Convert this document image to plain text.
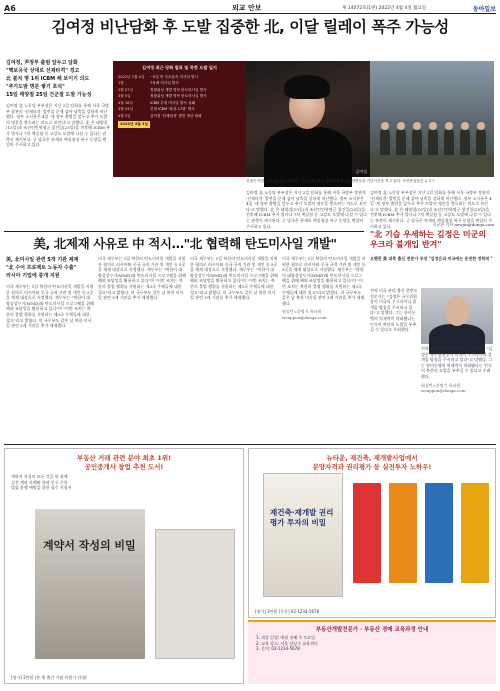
A6	외교 안보	제 14072호(1판) 2022년 4월 4일 월요일	동아일보
김여정 비난담화 후 도발 집중한 北, 이달 릴레이 폭주 가능성
김여정, 尹정부 출범 앞두고 담화
"핵보유국 상대로 선제타격" 경고
北 불치 명 1위 ICBM 해 보이기 의도
"추가도발 명분 쌓기 포석"
15일 태양절 25일 건군절 도발 가능성
김여정 北 노동당 부부장은 지난 2일 담화를 통해 서욱 국방부 장관의 '선제타격' 발언을 문제 삼아 남측을 강하게 비난했다. 정부 소식통은 4일 '새 정부 출범을 앞두고 추가 도발의 명분을 쌓으려는 의도로 보인다'고 말했다. 北 은 태양절(15일)과 조선인민혁명군 창건일(25일)을 전후해 ICBM 추가 발사나 7차 핵실험 등 고강도 도발에 나설 수 있다는 관측이 제기된다. 군 당국은 풍계리 핵실험장 복구 동향을 면밀히 주시하고 있다.
김여정 최근 당화 발표 및 북한 도발 일지
2022년 1월 4일	~5일 북 극초음속 미사일 발사
1월	7차례 미사일 발사
2월 27일	정찰위성 개발 명목 탄도미사일 발사
3월 5일	정찰위성 개발 명목 탄도미사일 발사
3월 16일	ICBM 추정 미사일 발사 실패
3월 24일	신형 ICBM '화성-17형' 발사
4월 2일	김여정 '선제타격' 발언 비난 담화
2022년 4월 3일
김여정
김정은 북한 국무위원장(오른쪽)이 지난 3월 16일 열병식에 참석한 장병들과 기념사진을 찍고 있다. 조선중앙통신 뉴시스
김여정 北 노동당 부부장은 지난 2일 담화를 통해 서욱 국방부 장관의 '선제타격' 발언을 문제 삼아 남측을 강하게 비난했다. 정부 소식통은 4일 '새 정부 출범을 앞두고 추가 도발의 명분을 쌓으려는 의도로 보인다'고 말했다. 北 은 태양절(15일)과 조선인민혁명군 창건일(25일)을 전후해 ICBM 추가 발사나 7차 핵실험 등 고강도 도발에 나설 수 있다는 관측이 제기된다. 군 당국은 풍계리 핵실험장 복구 동향을 면밀히 주시하고 있다.
김여정 北 노동당 부부장은 지난 2일 담화를 통해 서욱 국방부 장관의 '선제타격' 발언을 문제 삼아 남측을 강하게 비난했다. 정부 소식통은 4일 '새 정부 출범을 앞두고 추가 도발의 명분을 쌓으려는 의도로 보인다'고 말했다. 北 은 태양절(15일)과 조선인민혁명군 창건일(25일)을 전후해 ICBM 추가 발사나 7차 핵실험 등 고강도 도발에 나설 수 있다는 관측이 제기된다. 군 당국은 풍계리 핵실험장 복구 동향을 면밀히 주시하고 있다.	신규진 기자 newjin@donga.com
美, 北제재 사유로 中 적시…"北 협력해 탄도미사일 개발"
美, 北미사일 관련 5개 기관 제재
"北 수어 프로젝트 노동자 수출"
러시아 기업에 중개 지원
미국 재무부는 1일 북한의 탄도미사일 개발을 지원한 혐의로 러시아와 중국 국적 기관 및 개인 등 5곳을 제재 대상으로 지정했다. 재무부는 "북한이 대량살상무기(WMD)와 탄도미사일 프로그램을 위해 해외 조달망을 활용하고 있다"며 "이번 조치는 북한의 불법 행위를 지원하는 제3국 주체들에 대한 경고"라고 밝혔다. 미 국무부도 같은 날 북한 미사일 관련 3개 기관을 추가 제재했다.
미국 재무부는 1일 북한의 탄도미사일 개발을 지원한 혐의로 러시아와 중국 국적 기관 및 개인 등 5곳을 제재 대상으로 지정했다. 재무부는 "북한이 대량살상무기(WMD)와 탄도미사일 프로그램을 위해 해외 조달망을 활용하고 있다"며 "이번 조치는 북한의 불법 행위를 지원하는 제3국 주체들에 대한 경고"라고 밝혔다. 미 국무부도 같은 날 북한 미사일 관련 3개 기관을 추가 제재했다.
미국 재무부는 1일 북한의 탄도미사일 개발을 지원한 혐의로 러시아와 중국 국적 기관 및 개인 등 5곳을 제재 대상으로 지정했다. 재무부는 "북한이 대량살상무기(WMD)와 탄도미사일 프로그램을 위해 해외 조달망을 활용하고 있다"며 "이번 조치는 북한의 불법 행위를 지원하는 제3국 주체들에 대한 경고"라고 밝혔다. 미 국무부도 같은 날 북한 미사일 관련 3개 기관을 추가 제재했다.
미국 재무부는 1일 북한의 탄도미사일 개발을 지원한 혐의로 러시아와 중국 국적 기관 및 개인 등 5곳을 제재 대상으로 지정했다. 재무부는 "북한이 대량살상무기(WMD)와 탄도미사일 프로그램을 위해 해외 조달망을 활용하고 있다"며 "이번 조치는 북한의 불법 행위를 지원하는 제3국 주체들에 대한 경고"라고 밝혔다. 미 국무부도 같은 날 북한 미사일 관련 3개 기관을 추가 제재했다.
워싱턴=문병기 특파원 weappon@donga.com
"北 기습 우세하는 김정은 미군의 우크라 불개입 반겨"
오핸런 美 대북 출신 전문가 주장 "김정은과 미국에는 운전한 정학적 "
전직 미국 관리 출신 한반도 전문가는 "김정은 국무위원장이 미국의 우크라이나 불개입 방침을 주시하고 있다"고 말했다. 그는 한미동맹의 억제력이 약화됐다는 인식이 북한의 도발을 부추길 수 있다고 우려했다.
전직 미국 관리 출신 한반도 전문가는 "김정은 국무위원장이 미국의 우크라이나 불개입 방침을 주시하고 있다"고 말했다. 그는 한미동맹의 억제력이 약화됐다는 인식이 북한의 도발을 부추길 수 있다고 우려했다.
워싱턴=문병기 특파원 weappon@donga.com
부동산 거래 관련 분야 최초 1위!
공인중개사 창업 추천 도서!
계약서 작성의 모든 것을 한 권에
실전 계약 사례와 특약 문구 수록
법률 분쟁 예방을 위한 필수 지침서
계약서 작성의 비밀
[정가] 2만원 (본 책 출간 기념 특별가 안내)
뉴타운, 재건축, 재개발사업에서
분양자격과 권리평가 등 실전투자 노하우!
재건축·재개발 권리평가 투자의 비밀
[정가] 3만원 [주문] 02-1234-5678
부동산개발전문가 · 부동산 경매 교육과정 안내
1. 개강 일정: 매월 첫째 주 토요일
2. 교육 장소: 서울 강남구 교육센터
3. 문의: 02-1234-5678
